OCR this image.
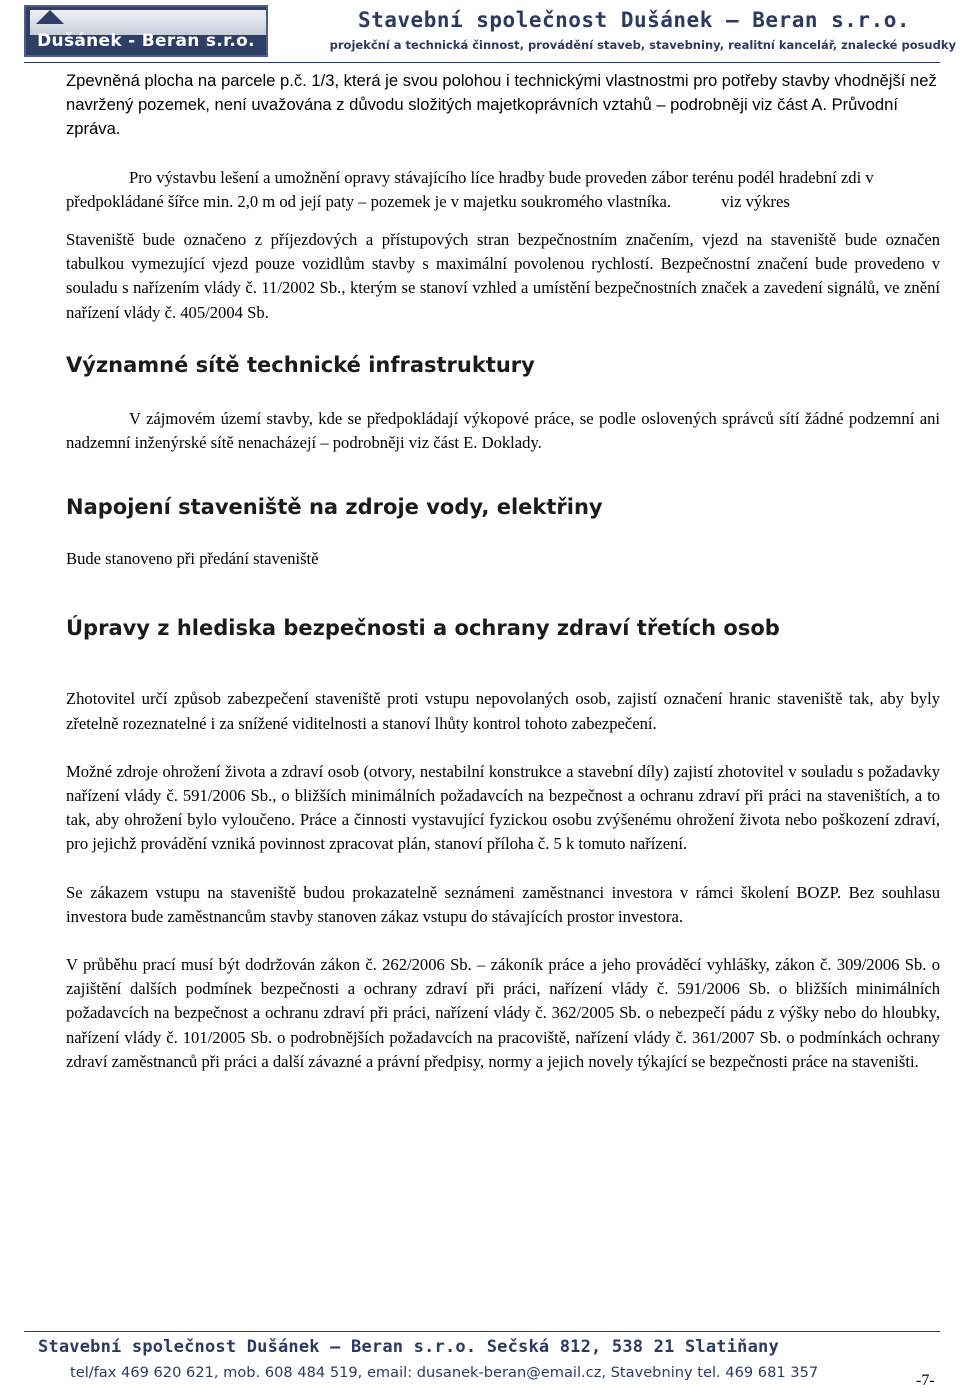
Dušánek - Beran s.r.o.
Stavební společnost Dušánek – Beran s.r.o.
projekční a technická činnost, provádění staveb, stavebniny, realitní kancelář, znalecké posudky

Zpevněná plocha na parcele p.č. 1/3, která je svou polohou i technickými vlastnostmi pro potřeby stavby vhodnější než navržený pozemek, není uvažována z důvodu složitých majetkoprávních vztahů – podrobněji viz část A. Průvodní zpráva.

Pro výstavbu lešení a umožnění opravy stávajícího líce hradby bude proveden zábor terénu podél hradební zdi v předpokládané šířce min. 2,0 m od její paty – pozemek je v majetku soukromého vlastníka.	viz výkres

Staveniště bude označeno z příjezdových a přístupových stran bezpečnostním značením, vjezd na staveniště bude označen tabulkou vymezující vjezd pouze vozidlům stavby s maximální povolenou rychlostí. Bezpečnostní značení bude provedeno v souladu s nařízením vlády č. 11/2002 Sb., kterým se stanoví vzhled a umístění bezpečnostních značek a zavedení signálů, ve znění nařízení vlády č. 405/2004 Sb.

Významné sítě technické infrastruktury

V zájmovém území stavby, kde se předpokládají výkopové práce, se podle oslovených správců sítí žádné podzemní ani nadzemní inženýrské sítě nenacházejí – podrobněji viz část E. Doklady.

Napojení staveniště na zdroje vody, elektřiny

Bude stanoveno při předání staveniště

Úpravy z hlediska bezpečnosti a ochrany zdraví třetích osob

Zhotovitel určí způsob zabezpečení staveniště proti vstupu nepovolaných osob, zajistí označení hranic staveniště tak, aby byly zřetelně rozeznatelné i za snížené viditelnosti a stanoví lhůty kontrol tohoto zabezpečení.

Možné zdroje ohrožení života a zdraví osob (otvory, nestabilní konstrukce a stavební díly) zajistí zhotovitel v souladu s požadavky nařízení vlády č. 591/2006 Sb., o bližších minimálních požadavcích na bezpečnost a ochranu zdraví při práci na staveništích, a to tak, aby ohrožení bylo vyloučeno. Práce a činnosti vystavující fyzickou osobu zvýšenému ohrožení života nebo poškození zdraví, pro jejichž provádění vzniká povinnost zpracovat plán, stanoví příloha č. 5 k tomuto nařízení.

Se zákazem vstupu na staveniště budou prokazatelně seznámeni zaměstnanci investora v rámci školení BOZP. Bez souhlasu investora bude zaměstnancům stavby stanoven zákaz vstupu do stávajících prostor investora.

V průběhu prací musí být dodržován zákon č. 262/2006 Sb. – zákoník práce a jeho prováděcí vyhlášky, zákon č. 309/2006 Sb. o zajištění dalších podmínek bezpečnosti a ochrany zdraví při práci, nařízení vlády č. 591/2006 Sb. o bližších minimálních požadavcích na bezpečnost a ochranu zdraví při práci, nařízení vlády č. 362/2005 Sb. o nebezpečí pádu z výšky nebo do hloubky, nařízení vlády č. 101/2005 Sb. o podrobnějších požadavcích na pracoviště, nařízení vlády č. 361/2007 Sb. o podmínkách ochrany zdraví zaměstnanců při práci a další závazné a právní předpisy, normy a jejich novely týkající se bezpečnosti práce na staveništi.

Stavební společnost Dušánek – Beran s.r.o. Sečská 812, 538 21 Slatiňany
tel/fax 469 620 621, mob. 608 484 519, email: dusanek-beran@email.cz, Stavebniny tel. 469 681 357	-7-
